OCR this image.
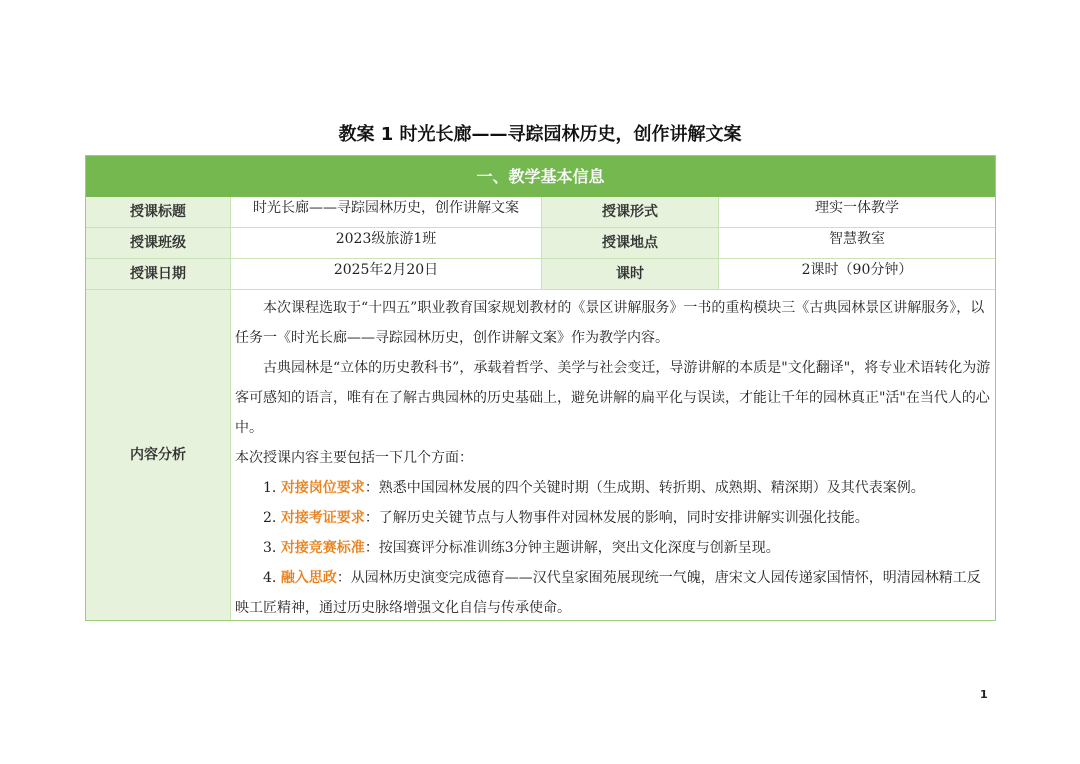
教案 1 时光长廊——寻踪园林历史，创作讲解文案
一、教学基本信息
授课标题	时光长廊——寻踪园林历史，创作讲解文案	授课形式	理实一体教学
授课班级	2023级旅游1班	授课地点	智慧教室
授课日期	2025年2月20日	课时	2课时（90分钟）
内容分析

本次课程选取于“十四五”职业教育国家规划教材的《景区讲解服务》一书的重构模块三《古典园林景区讲解服务》，以任务一《时光长廊——寻踪园林历史，创作讲解文案》作为教学内容。

古典园林是“立体的历史教科书”，承载着哲学、美学与社会变迁，导游讲解的本质是"文化翻译"，将专业术语转化为游客可感知的语言，唯有在了解古典园林的历史基础上，避免讲解的扁平化与误读，才能让千年的园林真正"活"在当代人的心中。

本次授课内容主要包括一下几个方面：

1. 对接岗位要求：熟悉中国园林发展的四个关键时期（生成期、转折期、成熟期、精深期）及其代表案例。

2. 对接考证要求：了解历史关键节点与人物事件对园林发展的影响，同时安排讲解实训强化技能。

3. 对接竞赛标准：按国赛评分标准训练3分钟主题讲解，突出文化深度与创新呈现。

4. 融入思政：从园林历史演变完成德育——汉代皇家囿苑展现统一气魄，唐宋文人园传递家国情怀，明清园林精工反映工匠精神，通过历史脉络增强文化自信与传承使命。

1
